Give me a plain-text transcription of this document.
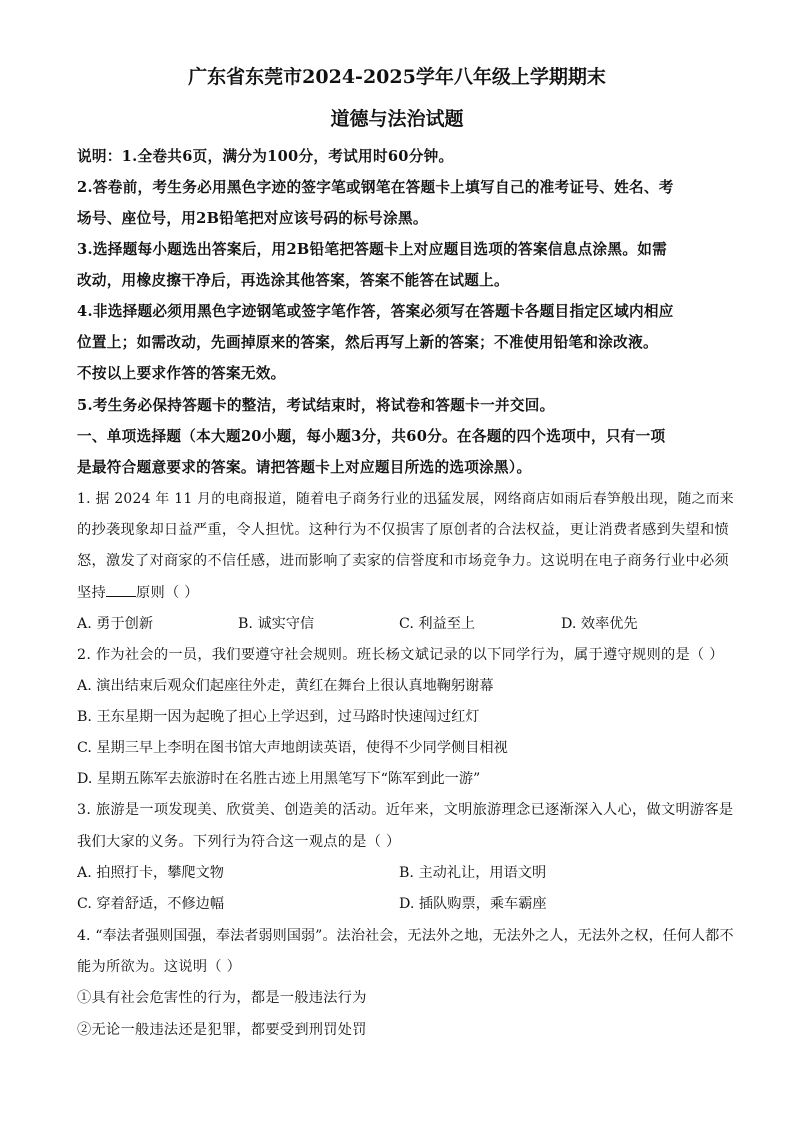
广东省东莞市2024-2025学年八年级上学期期末
道德与法治试题
说明：1.全卷共6页，满分为100分，考试用时60分钟。
2.答卷前，考生务必用黑色字迹的签字笔或钢笔在答题卡上填写自己的准考证号、姓名、考
场号、座位号，用2B铅笔把对应该号码的标号涂黑。
3.选择题每小题选出答案后，用2B铅笔把答题卡上对应题目选项的答案信息点涂黑。如需
改动，用橡皮擦干净后，再选涂其他答案，答案不能答在试题上。
4.非选择题必须用黑色字迹钢笔或签字笔作答，答案必须写在答题卡各题目指定区域内相应
位置上；如需改动，先画掉原来的答案，然后再写上新的答案；不准使用铅笔和涂改液。
不按以上要求作答的答案无效。
5.考生务必保持答题卡的整洁，考试结束时，将试卷和答题卡一并交回。
一、单项选择题（本大题20小题，每小题3分，共60分。在各题的四个选项中，只有一项
是最符合题意要求的答案。请把答题卡上对应题目所选的选项涂黑）。
1. 据 2024 年 11 月的电商报道，随着电子商务行业的迅猛发展，网络商店如雨后春笋般出现，随之而来
的抄袭现象却日益严重，令人担忧。这种行为不仅损害了原创者的合法权益，更让消费者感到失望和愤
怒，激发了对商家的不信任感，进而影响了卖家的信誉度和市场竞争力。这说明在电子商务行业中必须
坚持 原则（ ）
A. 勇于创新	B. 诚实守信	C. 利益至上	D. 效率优先
2. 作为社会的一员，我们要遵守社会规则。班长杨文斌记录的以下同学行为，属于遵守规则的是（ ）
A. 演出结束后观众们起座往外走，黄红在舞台上很认真地鞠躬谢幕
B. 王东星期一因为起晚了担心上学迟到，过马路时快速闯过红灯
C. 星期三早上李明在图书馆大声地朗读英语，使得不少同学侧目相视
D. 星期五陈军去旅游时在名胜古迹上用黑笔写下“陈军到此一游”
3. 旅游是一项发现美、欣赏美、创造美的活动。近年来，文明旅游理念已逐渐深入人心，做文明游客是
我们大家的义务。下列行为符合这一观点的是（ ）
A. 拍照打卡，攀爬文物	B. 主动礼让，用语文明
C. 穿着舒适，不修边幅	D. 插队购票，乘车霸座
4. “奉法者强则国强，奉法者弱则国弱”。法治社会，无法外之地，无法外之人，无法外之权，任何人都不
能为所欲为。这说明（ ）
①具有社会危害性的行为，都是一般违法行为
②无论一般违法还是犯罪，都要受到刑罚处罚
